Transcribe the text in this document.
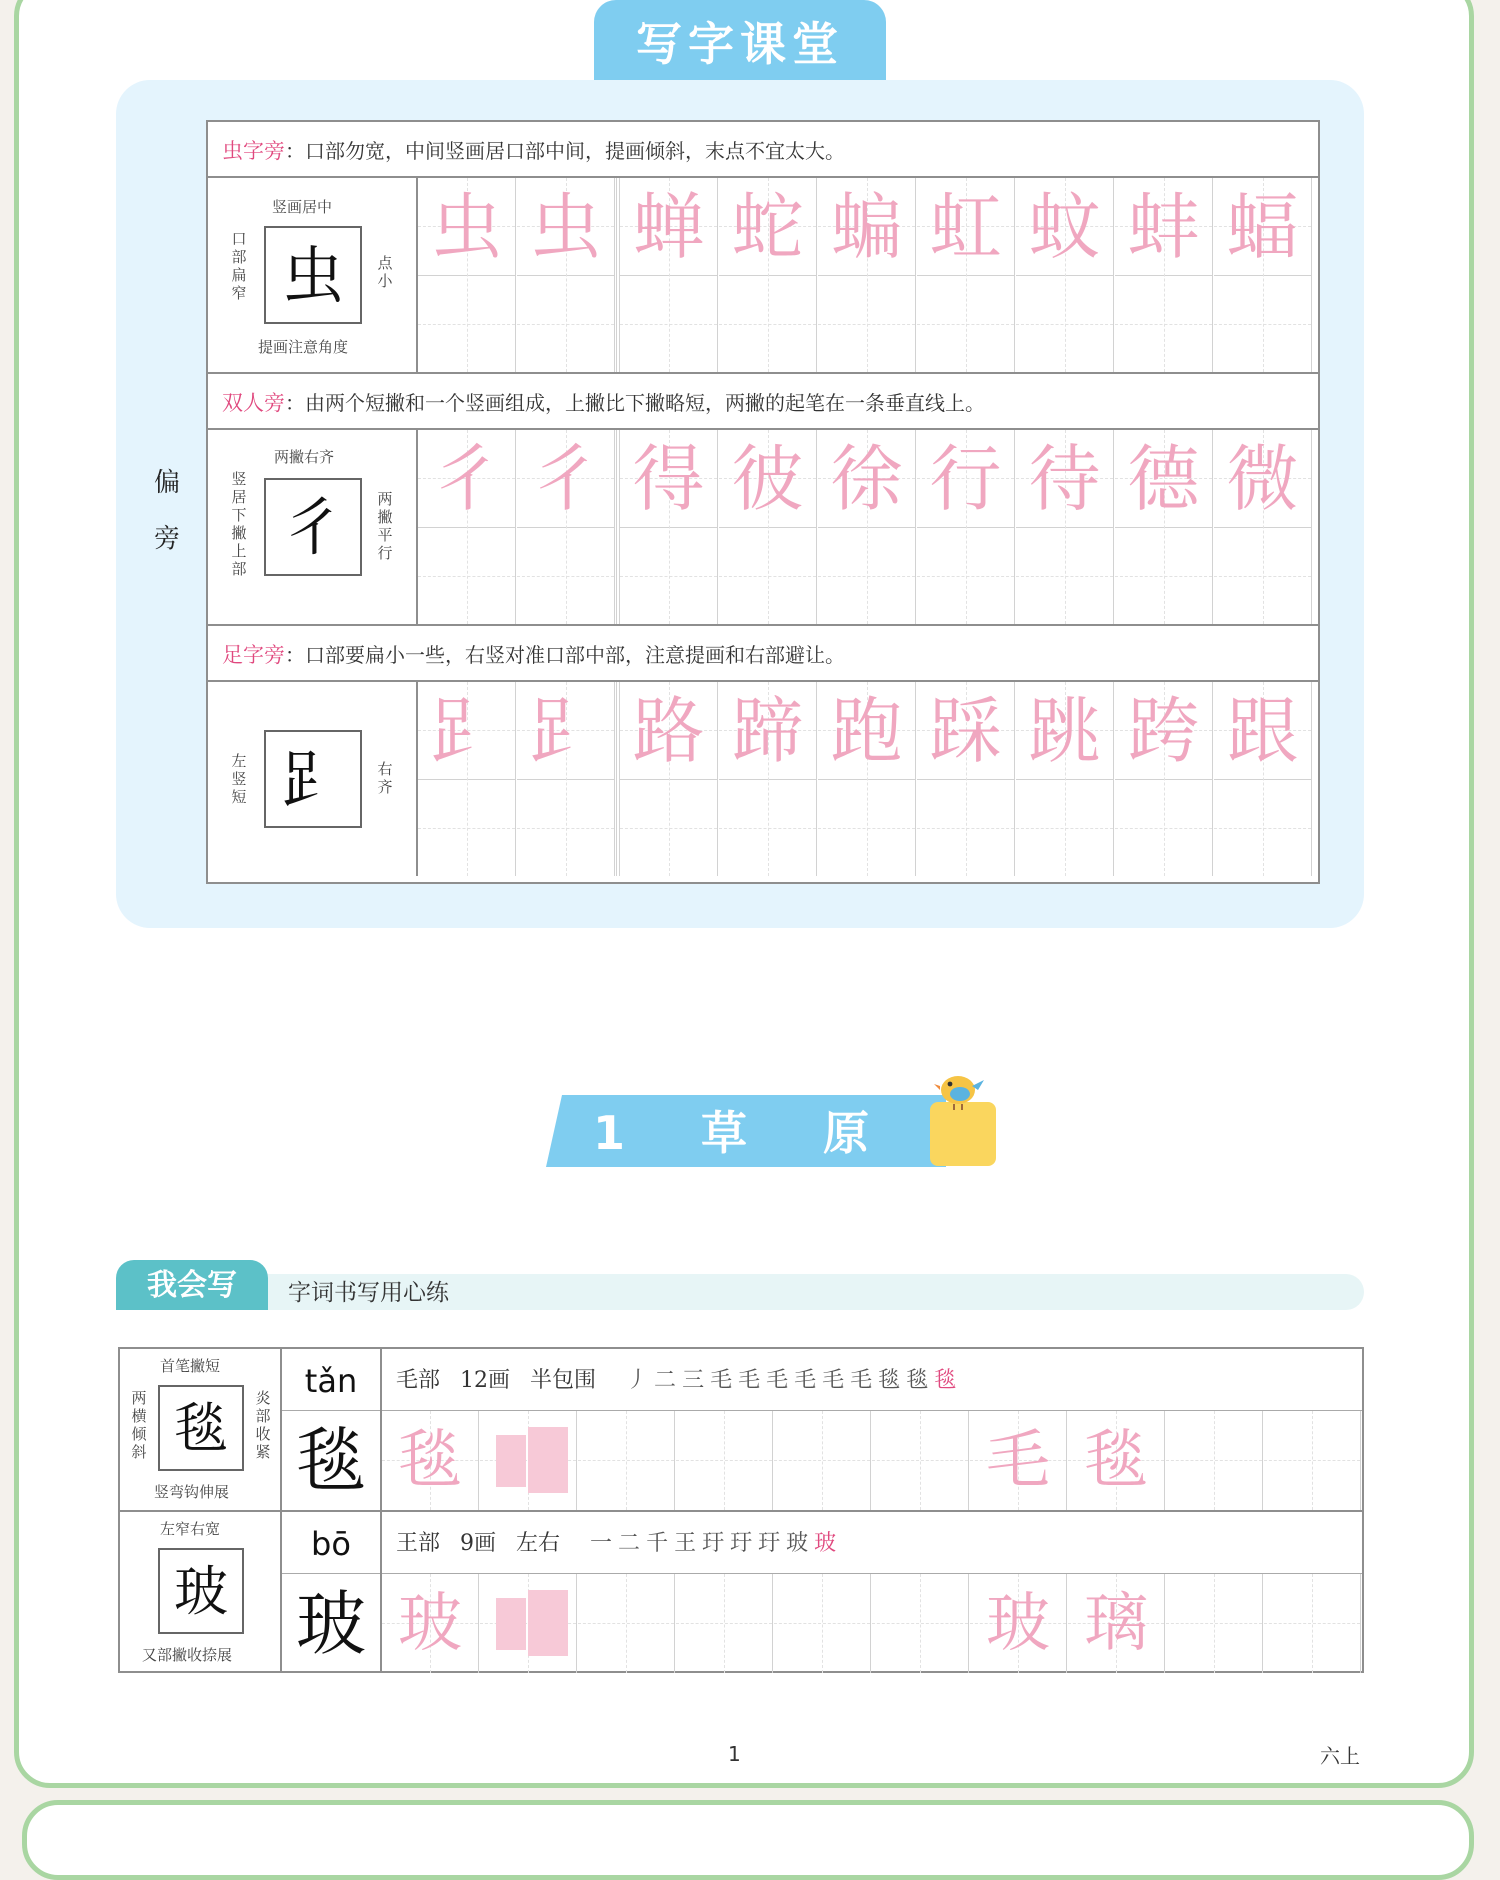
写字课堂
偏
旁
虫字旁：口部勿宽，中间竖画居口部中间，提画倾斜，末点不宜太大。
竖画居中
口部扁窄
点小
提画注意角度
虫
虫 虫 蝉 蛇 蝙 虹 蚊 蚌 蝠
双人旁：由两个短撇和一个竖画组成，上撇比下撇略短，两撇的起笔在一条垂直线上。
两撇右齐
竖居下撇上部
两撇平行
彳
彳 彳 得 彼 徐 行 待 德 微
足字旁：口部要扁小一些，右竖对准口部中部，注意提画和右部避让。
左竖短
右齐
𧾷
𧾷 𧾷 路 蹄 跑 踩 跳 跨 跟
1 草 原
我会写	字词书写用心练
首笔撇短
两横倾斜
炎部收紧
竖弯钩伸展
毯
tǎn
毯
毛部 12画 半包围 丿 二 三 毛 毛 毛 毛 毛 毛 毯 毯 毯
毯	毛 毯
左窄右宽
又部撇收捺展
玻
bō
玻
王部 9画 左右 一 二 千 王 玗 玗 玗 玻 玻
玻	玻 璃
1	六上
